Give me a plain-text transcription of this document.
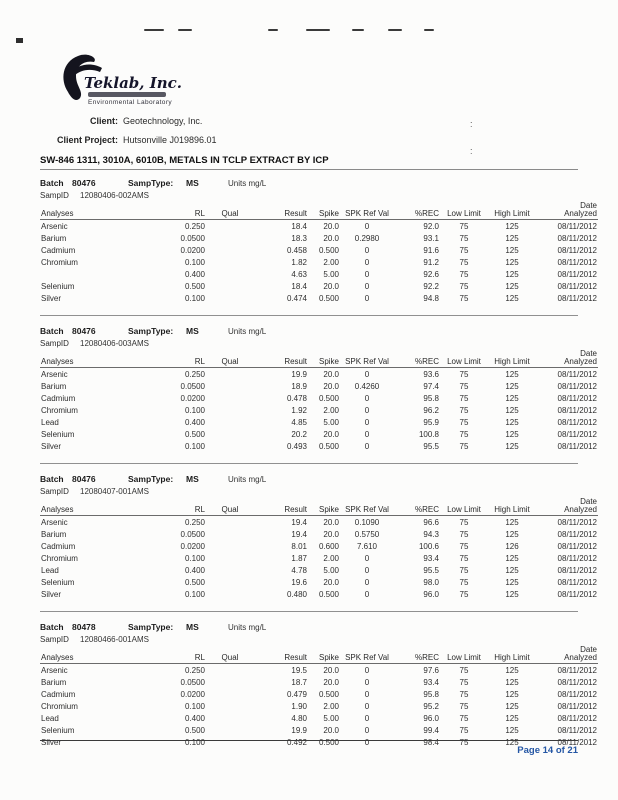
:
:
Teklab, Inc.
Environmental Laboratory
Client: Geotechnology, Inc.
Client Project: Hutsonville J019896.01
SW-846 1311, 3010A, 6010B, METALS IN TCLP EXTRACT BY ICP
Batch 80476	SampType: MS	Units mg/L
SampID 12080406-002AMS
Analyses	RL	Qual	Result	Spike	SPK Ref Val	%REC	Low Limit	High Limit	Date
Analyzed

Arsenic	0.250		18.4	20.0	0	92.0	75	125	08/11/2012
Barium	0.0500		18.3	20.0	0.2980	93.1	75	125	08/11/2012
Cadmium	0.0200		0.458	0.500	0	91.6	75	125	08/11/2012
Chromium	0.100		1.82	2.00	0	91.2	75	125	08/11/2012
	0.400		4.63	5.00	0	92.6	75	125	08/11/2012
Selenium	0.500		18.4	20.0	0	92.2	75	125	08/11/2012
Silver	0.100		0.474	0.500	0	94.8	75	125	08/11/2012
Batch 80476	SampType: MS	Units mg/L
SampID 12080406-003AMS
Analyses	RL	Qual	Result	Spike	SPK Ref Val	%REC	Low Limit	High Limit	Date
Analyzed

Arsenic	0.250		19.9	20.0	0	93.6	75	125	08/11/2012
Barium	0.0500		18.9	20.0	0.4260	97.4	75	125	08/11/2012
Cadmium	0.0200		0.478	0.500	0	95.8	75	125	08/11/2012
Chromium	0.100		1.92	2.00	0	96.2	75	125	08/11/2012
Lead	0.400		4.85	5.00	0	95.9	75	125	08/11/2012
Selenium	0.500		20.2	20.0	0	100.8	75	125	08/11/2012
Silver	0.100		0.493	0.500	0	95.5	75	125	08/11/2012
Batch 80476	SampType: MS	Units mg/L
SampID 12080407-001AMS
Analyses	RL	Qual	Result	Spike	SPK Ref Val	%REC	Low Limit	High Limit	Date
Analyzed

Arsenic	0.250		19.4	20.0	0.1090	96.6	75	125	08/11/2012
Barium	0.0500		19.4	20.0	0.5750	94.3	75	125	08/11/2012
Cadmium	0.0200		8.01	0.600	7.610	100.6	75	126	08/11/2012
Chromium	0.100		1.87	2.00	0	93.4	75	125	08/11/2012
Lead	0.400		4.78	5.00	0	95.5	75	125	08/11/2012
Selenium	0.500		19.6	20.0	0	98.0	75	125	08/11/2012
Silver	0.100		0.480	0.500	0	96.0	75	125	08/11/2012
Batch 80478	SampType: MS	Units mg/L
SampID 12080466-001AMS
Analyses	RL	Qual	Result	Spike	SPK Ref Val	%REC	Low Limit	High Limit	Date
Analyzed

Arsenic	0.250		19.5	20.0	0	97.6	75	125	08/11/2012
Barium	0.0500		18.7	20.0	0	93.4	75	125	08/11/2012
Cadmium	0.0200		0.479	0.500	0	95.8	75	125	08/11/2012
Chromium	0.100		1.90	2.00	0	95.2	75	125	08/11/2012
Lead	0.400		4.80	5.00	0	96.0	75	125	08/11/2012
Selenium	0.500		19.9	20.0	0	99.4	75	125	08/11/2012
Silver	0.100		0.492	0.500	0	98.4	75	125	08/11/2012
Page 14 of 21
